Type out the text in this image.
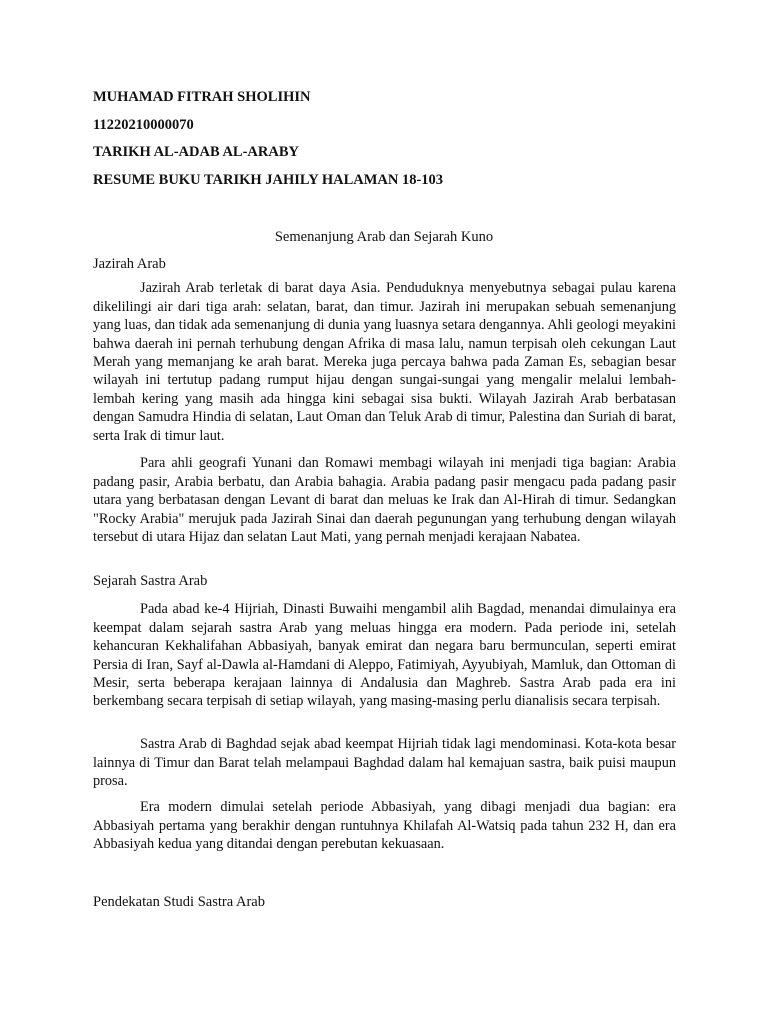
MUHAMAD FITRAH SHOLIHIN
11220210000070
TARIKH AL-ADAB AL-ARABY
RESUME BUKU TARIKH JAHILY HALAMAN 18-103
Semenanjung Arab dan Sejarah Kuno
Jazirah Arab

Jazirah Arab terletak di barat daya Asia. Penduduknya menyebutnya sebagai pulau karena dikelilingi air dari tiga arah: selatan, barat, dan timur. Jazirah ini merupakan sebuah semenanjung yang luas, dan tidak ada semenanjung di dunia yang luasnya setara dengannya. Ahli geologi meyakini bahwa daerah ini pernah terhubung dengan Afrika di masa lalu, namun terpisah oleh cekungan Laut Merah yang memanjang ke arah barat. Mereka juga percaya bahwa pada Zaman Es, sebagian besar wilayah ini tertutup padang rumput hijau dengan sungai-sungai yang mengalir melalui lembah-lembah kering yang masih ada hingga kini sebagai sisa bukti. Wilayah Jazirah Arab berbatasan dengan Samudra Hindia di selatan, Laut Oman dan Teluk Arab di timur, Palestina dan Suriah di barat, serta Irak di timur laut.

Para ahli geografi Yunani dan Romawi membagi wilayah ini menjadi tiga bagian: Arabia padang pasir, Arabia berbatu, dan Arabia bahagia. Arabia padang pasir mengacu pada padang pasir utara yang berbatasan dengan Levant di barat dan meluas ke Irak dan Al-Hirah di timur. Sedangkan "Rocky Arabia" merujuk pada Jazirah Sinai dan daerah pegunungan yang terhubung dengan wilayah tersebut di utara Hijaz dan selatan Laut Mati, yang pernah menjadi kerajaan Nabatea.

Sejarah Sastra Arab

Pada abad ke-4 Hijriah, Dinasti Buwaihi mengambil alih Bagdad, menandai dimulainya era keempat dalam sejarah sastra Arab yang meluas hingga era modern. Pada periode ini, setelah kehancuran Kekhalifahan Abbasiyah, banyak emirat dan negara baru bermunculan, seperti emirat Persia di Iran, Sayf al-Dawla al-Hamdani di Aleppo, Fatimiyah, Ayyubiyah, Mamluk, dan Ottoman di Mesir, serta beberapa kerajaan lainnya di Andalusia dan Maghreb. Sastra Arab pada era ini berkembang secara terpisah di setiap wilayah, yang masing-masing perlu dianalisis secara terpisah.

Sastra Arab di Baghdad sejak abad keempat Hijriah tidak lagi mendominasi. Kota-kota besar lainnya di Timur dan Barat telah melampaui Baghdad dalam hal kemajuan sastra, baik puisi maupun prosa.

Era modern dimulai setelah periode Abbasiyah, yang dibagi menjadi dua bagian: era Abbasiyah pertama yang berakhir dengan runtuhnya Khilafah Al-Watsiq pada tahun 232 H, dan era Abbasiyah kedua yang ditandai dengan perebutan kekuasaan.

Pendekatan Studi Sastra Arab
